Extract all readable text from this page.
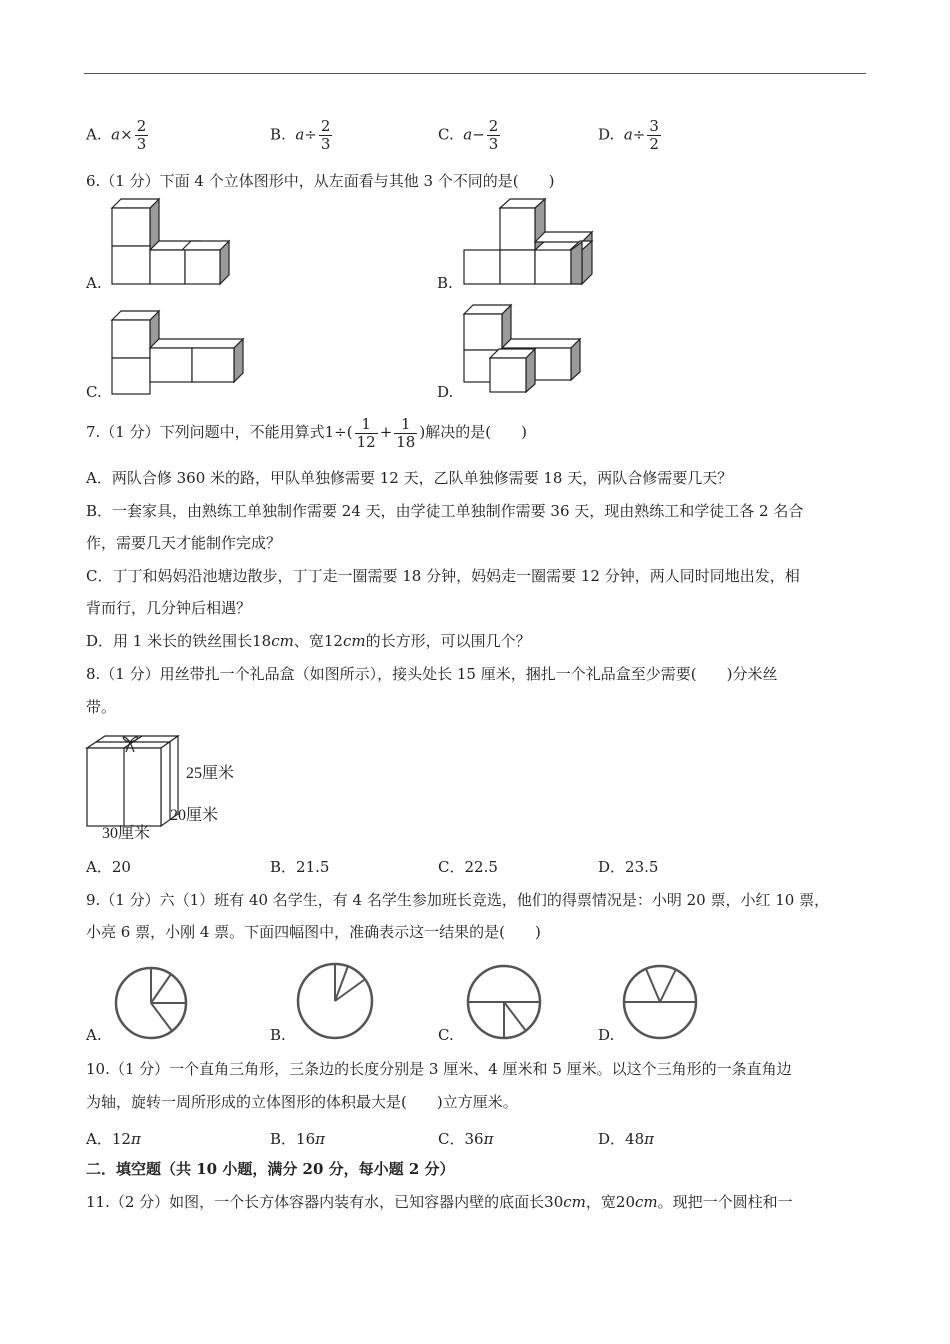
A. $a\times \frac{2}{3}$	B. $a\div \frac{2}{3}$	C. $a- \frac{2}{3}$	D. $a\div \frac{3}{2}$
6.（1 分）下面 4 个立体图形中，从左面看与其他 3 个不同的是(　　)
A.	B.
C.	D.
7.（1 分）下列问题中，不能用算式$1\div( \frac{1}{12} + \frac{1}{18}$ )解决的是(　　)
A．两队合修 360 米的路，甲队单独修需要 12 天，乙队单独修需要 18 天，两队合修需要几天？
B．一套家具，由熟练工单独制作需要 24 天，由学徒工单独制作需要 36 天，现由熟练工和学徒工各 2 名合
作，需要几天才能制作完成？
C．丁丁和妈妈沿池塘边散步，丁丁走一圈需要 18 分钟，妈妈走一圈需要 12 分钟，两人同时同地出发，相
背而行，几分钟后相遇？
D．用 1 米长的铁丝围长18cm、宽12cm的长方形，可以围几个？
8.（1 分）用丝带扎一个礼品盒（如图所示），接头处长 15 厘米，捆扎一个礼品盒至少需要(　　)分米丝
带。
25厘米
20厘米
30厘米
A．20	B．21.5	C．22.5	D．23.5
9.（1 分）六（1）班有 40 名学生，有 4 名学生参加班长竞选，他们的得票情况是：小明 20 票，小红 10 票，
小亮 6 票，小刚 4 票。下面四幅图中，准确表示这一结果的是(　　)
A.	B.	C.	D.
10.（1 分）一个直角三角形，三条边的长度分别是 3 厘米、4 厘米和 5 厘米。以这个三角形的一条直角边
为轴，旋转一周所形成的立体图形的体积最大是(　　)立方厘米。
A．12π	B．16π	C．36π	D．48π
二．填空题（共 10 小题，满分 20 分，每小题 2 分）
11.（2 分）如图，一个长方体容器内装有水，已知容器内壁的底面长30cm，宽20cm。现把一个圆柱和一
